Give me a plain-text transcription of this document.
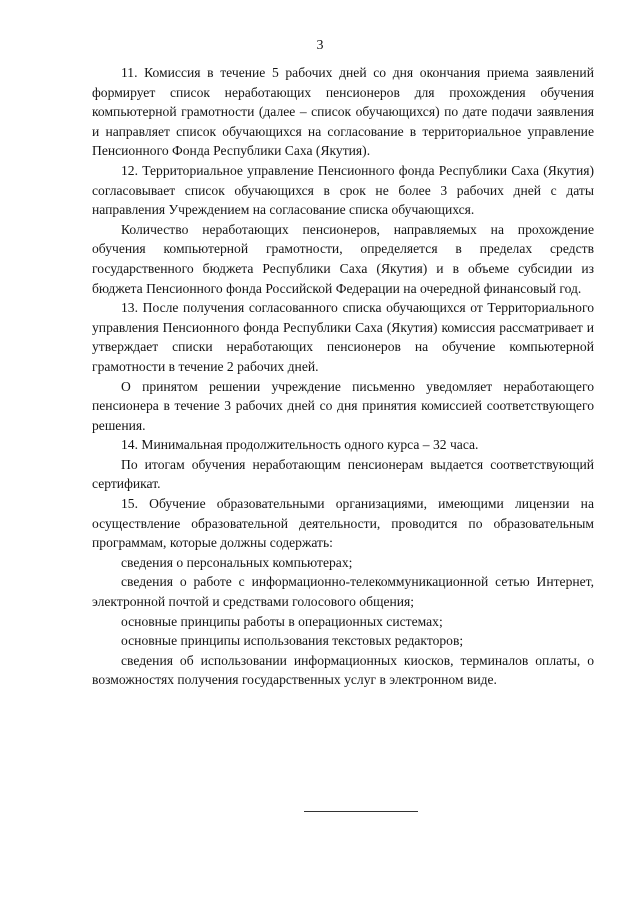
3

11. Комиссия в течение 5 рабочих дней со дня окончания приема заявлений формирует список неработающих пенсионеров для прохождения обучения компьютерной грамотности (далее – список обучающихся) по дате подачи заявления и направляет список обучающихся на согласование в территориальное управление Пенсионного Фонда Республики Саха (Якутия).

12. Территориальное управление Пенсионного фонда Республики Саха (Якутия) согласовывает список обучающихся в срок не более 3 рабочих дней с даты направления Учреждением на согласование списка обучающихся.

Количество неработающих пенсионеров, направляемых на прохождение обучения компьютерной грамотности, определяется в пределах средств государственного бюджета Республики Саха (Якутия) и в объеме субсидии из бюджета Пенсионного фонда Российской Федерации на очередной финансовый год.

13. После получения согласованного списка обучающихся от Территориального управления Пенсионного фонда Республики Саха (Якутия) комиссия рассматривает и утверждает списки неработающих пенсионеров на обучение компьютерной грамотности в течение 2 рабочих дней.

О принятом решении учреждение письменно уведомляет неработающего пенсионера в течение 3 рабочих дней со дня принятия комиссией соответствующего решения.

14. Минимальная продолжительность одного курса – 32 часа.

По итогам обучения неработающим пенсионерам выдается соответствующий сертификат.

15. Обучение образовательными организациями, имеющими лицензии на осуществление образовательной деятельности, проводится по образовательным программам, которые должны содержать:

сведения о персональных компьютерах;

сведения о работе с информационно-телекоммуникационной сетью Интернет, электронной почтой и средствами голосового общения;

основные принципы работы в операционных системах;

основные принципы использования текстовых редакторов;

сведения об использовании информационных киосков, терминалов оплаты, о возможностях получения государственных услуг в электронном виде.
